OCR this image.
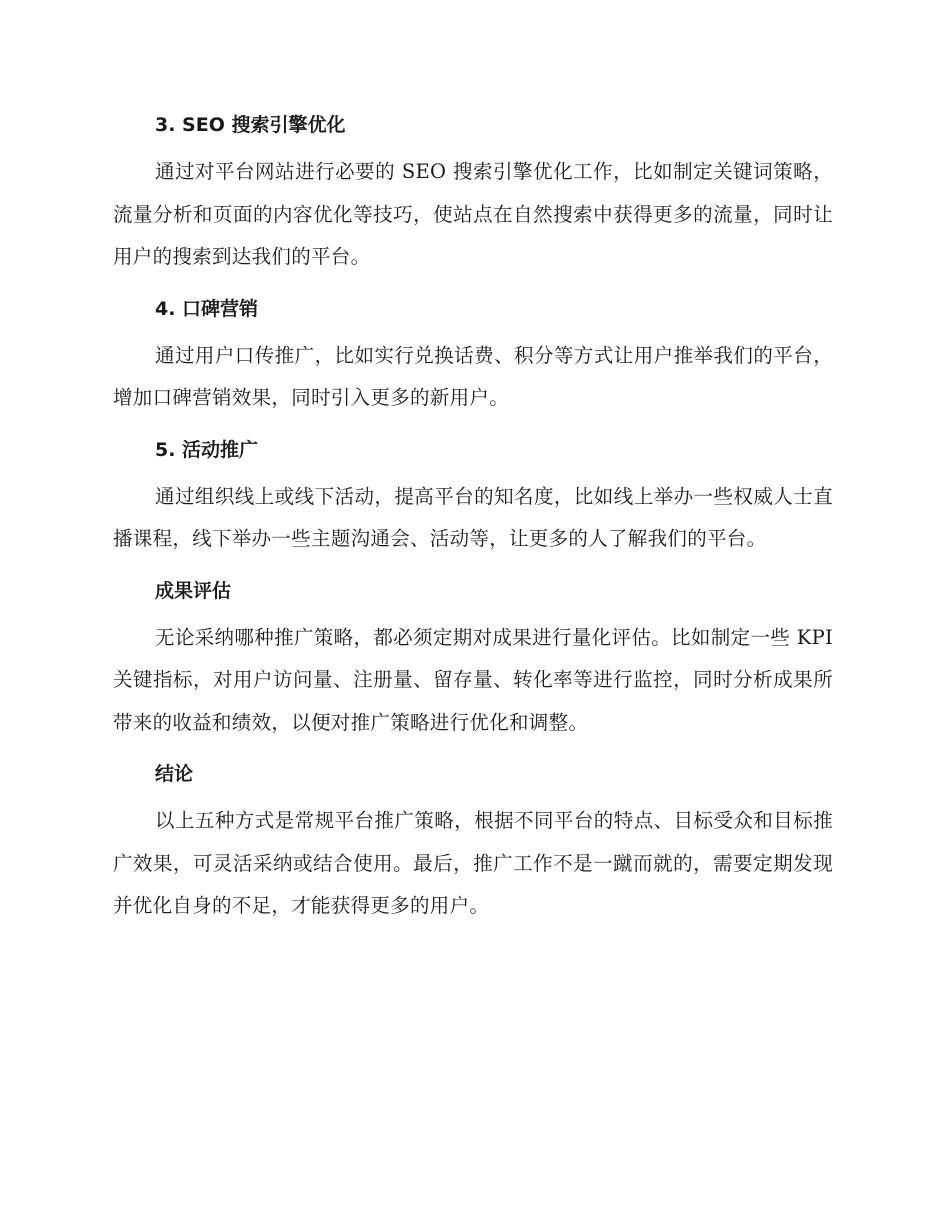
3. SEO 搜索引擎优化

通过对平台网站进行必要的 SEO 搜索引擎优化工作，比如制定关键词策略，流量分析和页面的内容优化等技巧，使站点在自然搜索中获得更多的流量，同时让用户的搜索到达我们的平台。

4. 口碑营销

通过用户口传推广，比如实行兑换话费、积分等方式让用户推举我们的平台，增加口碑营销效果，同时引入更多的新用户。

5. 活动推广

通过组织线上或线下活动，提高平台的知名度，比如线上举办一些权威人士直播课程，线下举办一些主题沟通会、活动等，让更多的人了解我们的平台。

成果评估

无论采纳哪种推广策略，都必须定期对成果进行量化评估。比如制定一些 KPI 关键指标，对用户访问量、注册量、留存量、转化率等进行监控，同时分析成果所带来的收益和绩效，以便对推广策略进行优化和调整。

结论

以上五种方式是常规平台推广策略，根据不同平台的特点、目标受众和目标推广效果，可灵活采纳或结合使用。最后，推广工作不是一蹴而就的，需要定期发现并优化自身的不足，才能获得更多的用户。
